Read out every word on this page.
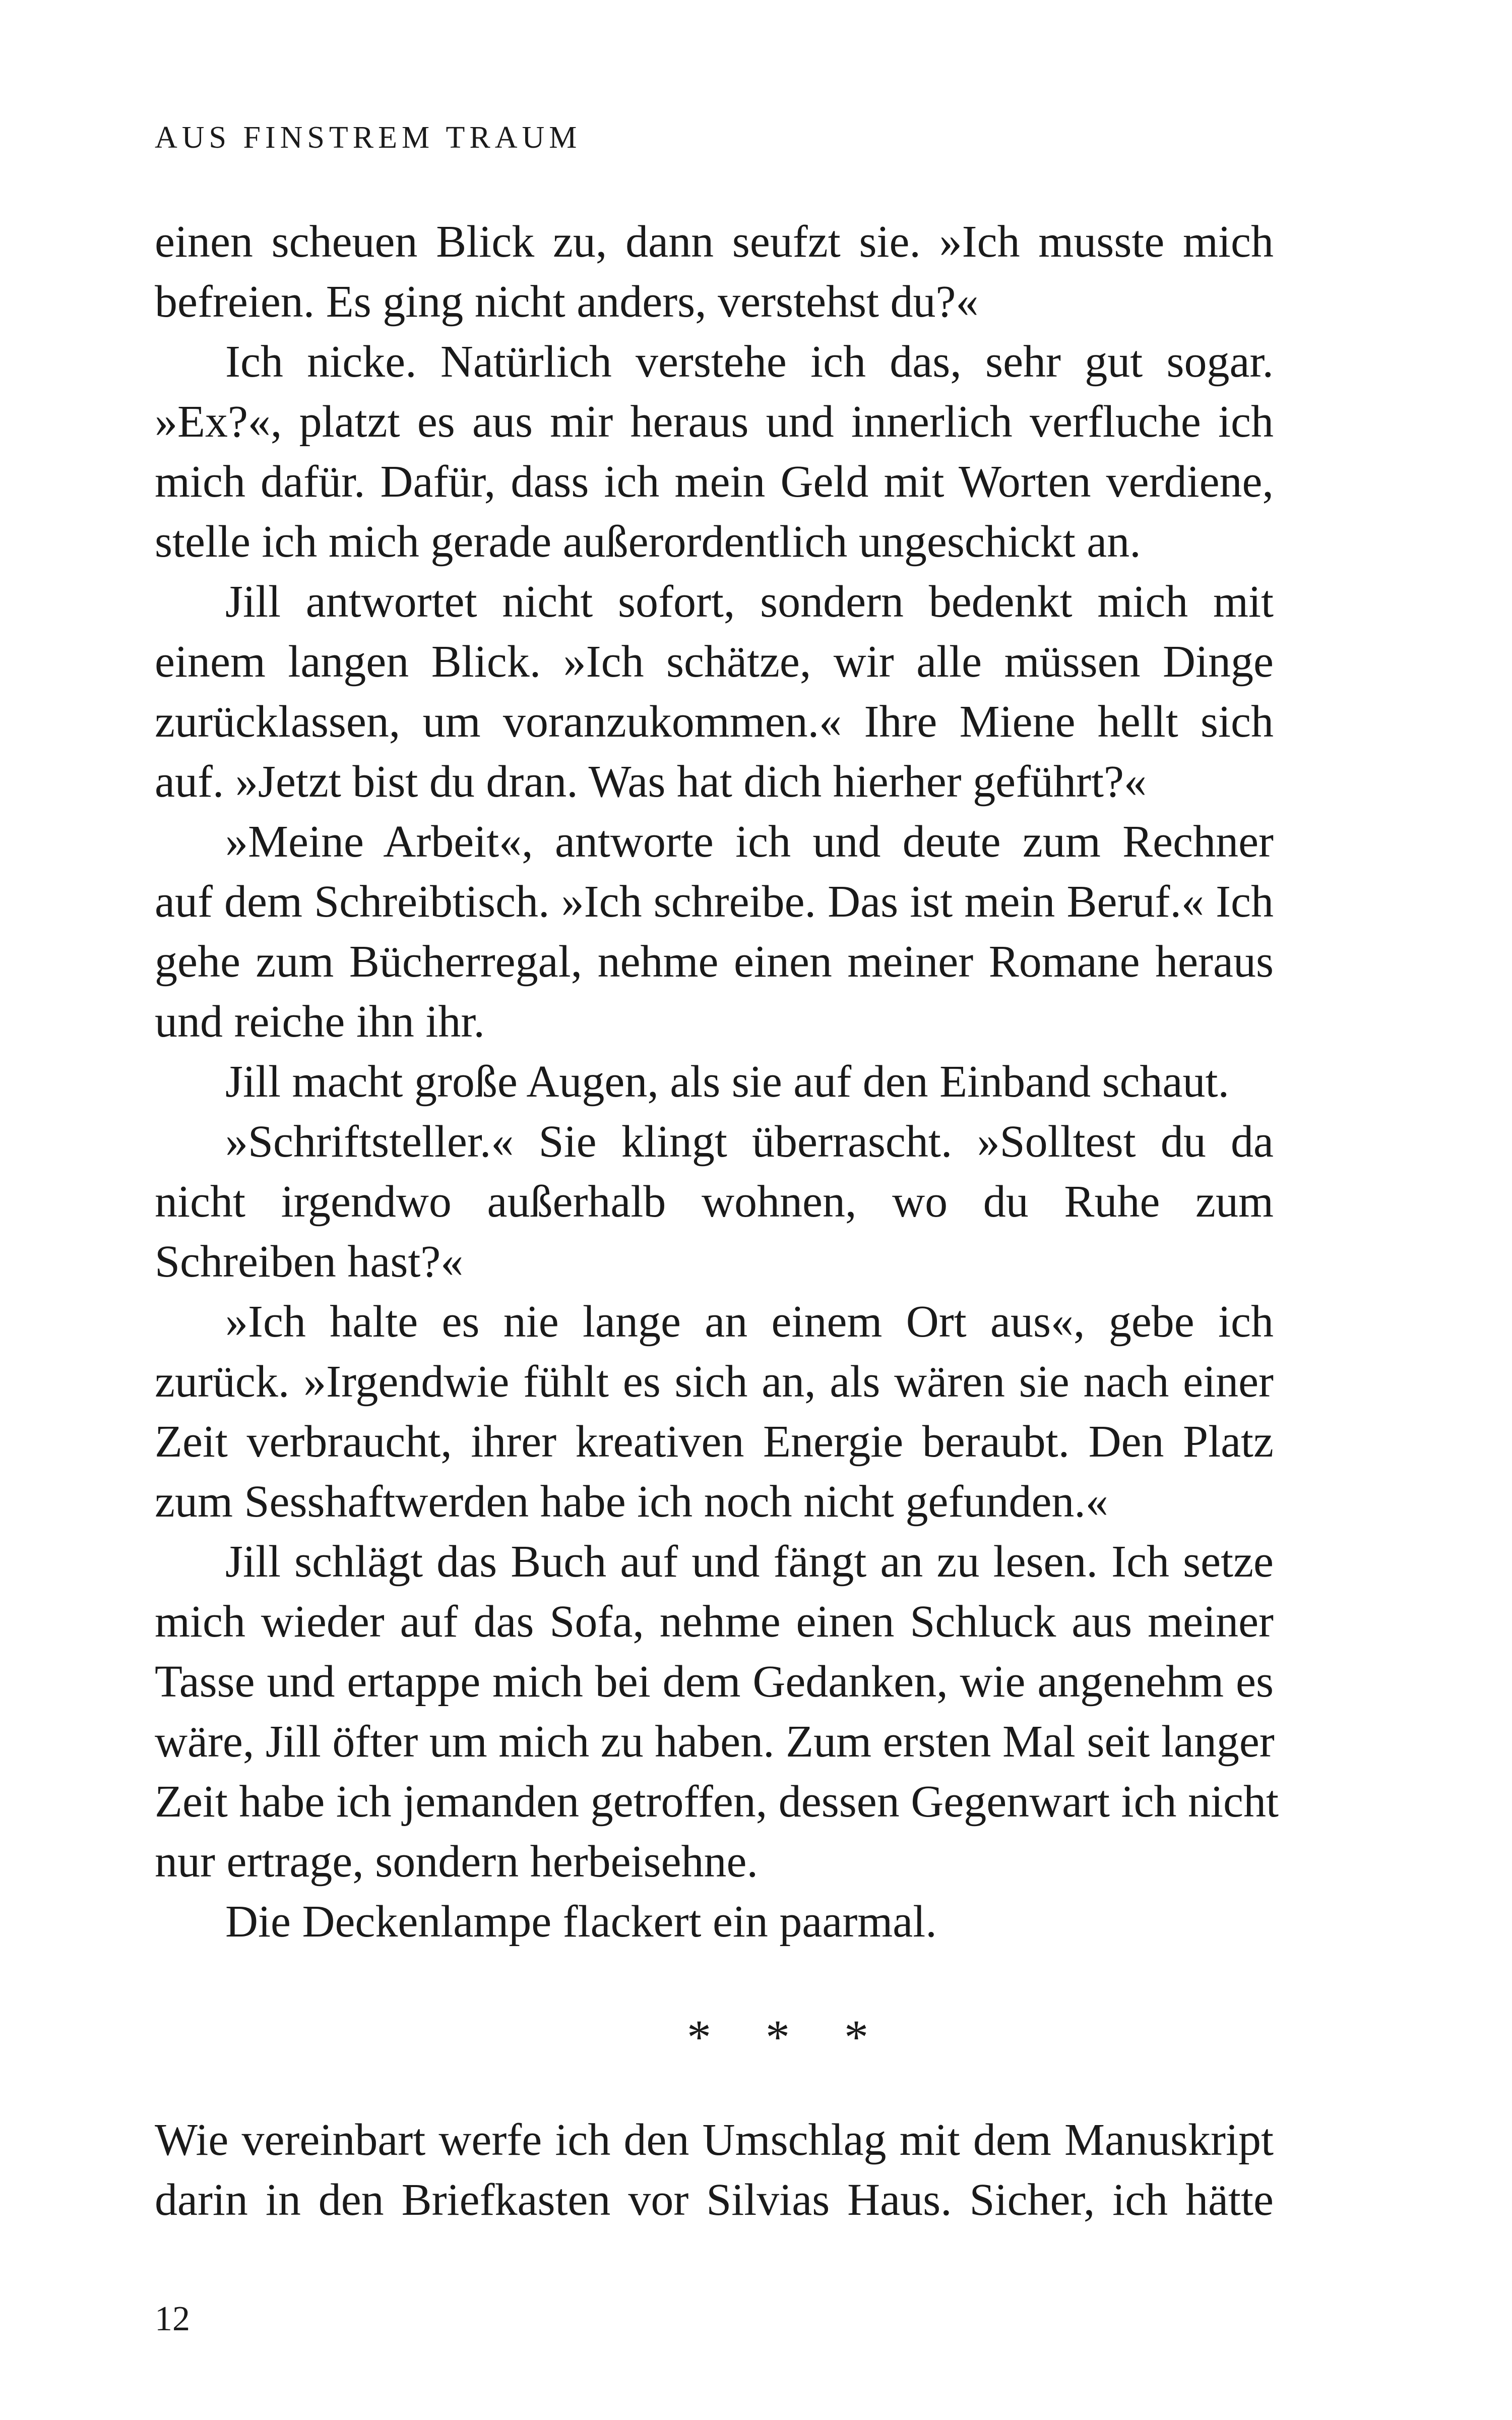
AUS FINSTREM TRAUM
einen scheuen Blick zu, dann seufzt sie. »Ich musste mich
befreien. Es ging nicht anders, verstehst du?«
Ich nicke. Natürlich verstehe ich das, sehr gut sogar.
»Ex?«, platzt es aus mir heraus und innerlich verfluche ich
mich dafür. Dafür, dass ich mein Geld mit Worten verdiene,
stelle ich mich gerade außerordentlich ungeschickt an.
Jill antwortet nicht sofort, sondern bedenkt mich mit
einem langen Blick. »Ich schätze, wir alle müssen Dinge
zurücklassen, um voranzukommen.« Ihre Miene hellt sich
auf. »Jetzt bist du dran. Was hat dich hierher geführt?«
»Meine Arbeit«, antworte ich und deute zum Rechner
auf dem Schreibtisch. »Ich schreibe. Das ist mein Beruf.« Ich
gehe zum Bücherregal, nehme einen meiner Romane heraus
und reiche ihn ihr.
Jill macht große Augen, als sie auf den Einband schaut.
»Schriftsteller.« Sie klingt überrascht. »Solltest du da
nicht irgendwo außerhalb wohnen, wo du Ruhe zum
Schreiben hast?«
»Ich halte es nie lange an einem Ort aus«, gebe ich
zurück. »Irgendwie fühlt es sich an, als wären sie nach einer
Zeit verbraucht, ihrer kreativen Energie beraubt. Den Platz
zum Sesshaftwerden habe ich noch nicht gefunden.«
Jill schlägt das Buch auf und fängt an zu lesen. Ich setze
mich wieder auf das Sofa, nehme einen Schluck aus meiner
Tasse und ertappe mich bei dem Gedanken, wie angenehm es
wäre, Jill öfter um mich zu haben. Zum ersten Mal seit langer
Zeit habe ich jemanden getroffen, dessen Gegenwart ich nicht
nur ertrage, sondern herbeisehne.
Die Deckenlampe flackert ein paarmal.
* * *
Wie vereinbart werfe ich den Umschlag mit dem Manuskript
darin in den Briefkasten vor Silvias Haus. Sicher, ich hätte
12
